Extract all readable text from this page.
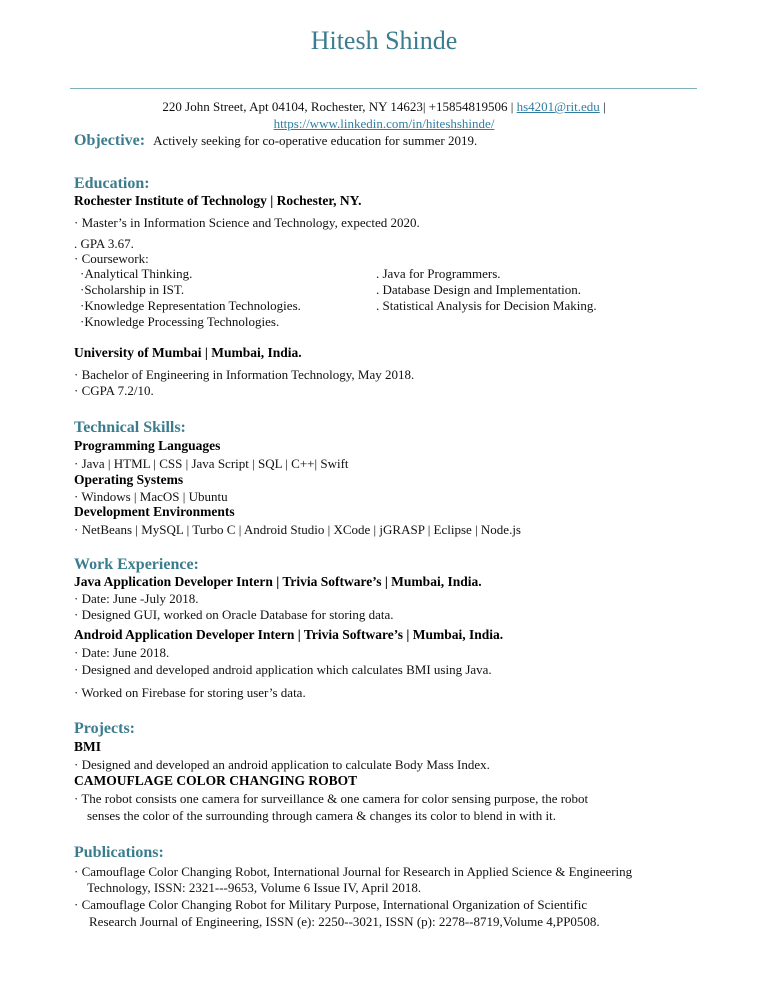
Hitesh Shinde
220 John Street, Apt 04104, Rochester, NY 14623| +15854819506 | hs4201@rit.edu |
https://www.linkedin.com/in/hiteshshinde/
Objective: Actively seeking for co-operative education for summer 2019.
Education:
Rochester Institute of Technology | Rochester, NY.
· Master’s in Information Science and Technology, expected 2020.
. GPA 3.67.
· Coursework:
·Analytical Thinking.
·Scholarship in IST.
·Knowledge Representation Technologies.
·Knowledge Processing Technologies.
. Java for Programmers.
. Database Design and Implementation.
. Statistical Analysis for Decision Making.
University of Mumbai | Mumbai, India.
· Bachelor of Engineering in Information Technology, May 2018.
· CGPA 7.2/10.
Technical Skills:
Programming Languages
· Java | HTML | CSS | Java Script | SQL | C++| Swift
Operating Systems
· Windows | MacOS | Ubuntu
Development Environments
· NetBeans | MySQL | Turbo C | Android Studio | XCode | jGRASP | Eclipse | Node.js
Work Experience:
Java Application Developer Intern | Trivia Software’s | Mumbai, India.
· Date: June -July 2018.
· Designed GUI, worked on Oracle Database for storing data.
Android Application Developer Intern | Trivia Software’s | Mumbai, India.
· Date: June 2018.
· Designed and developed android application which calculates BMI using Java.
· Worked on Firebase for storing user’s data.
Projects:
BMI
· Designed and developed an android application to calculate Body Mass Index.
CAMOUFLAGE COLOR CHANGING ROBOT
· The robot consists one camera for surveillance & one camera for color sensing purpose, the robot
senses the color of the surrounding through camera & changes its color to blend in with it.
Publications:
· Camouflage Color Changing Robot, International Journal for Research in Applied Science & Engineering
Technology, ISSN: 2321---9653, Volume 6 Issue IV, April 2018.
· Camouflage Color Changing Robot for Military Purpose, International Organization of Scientific
Research Journal of Engineering, ISSN (e): 2250--3021, ISSN (p): 2278--8719,Volume 4,PP0508.
